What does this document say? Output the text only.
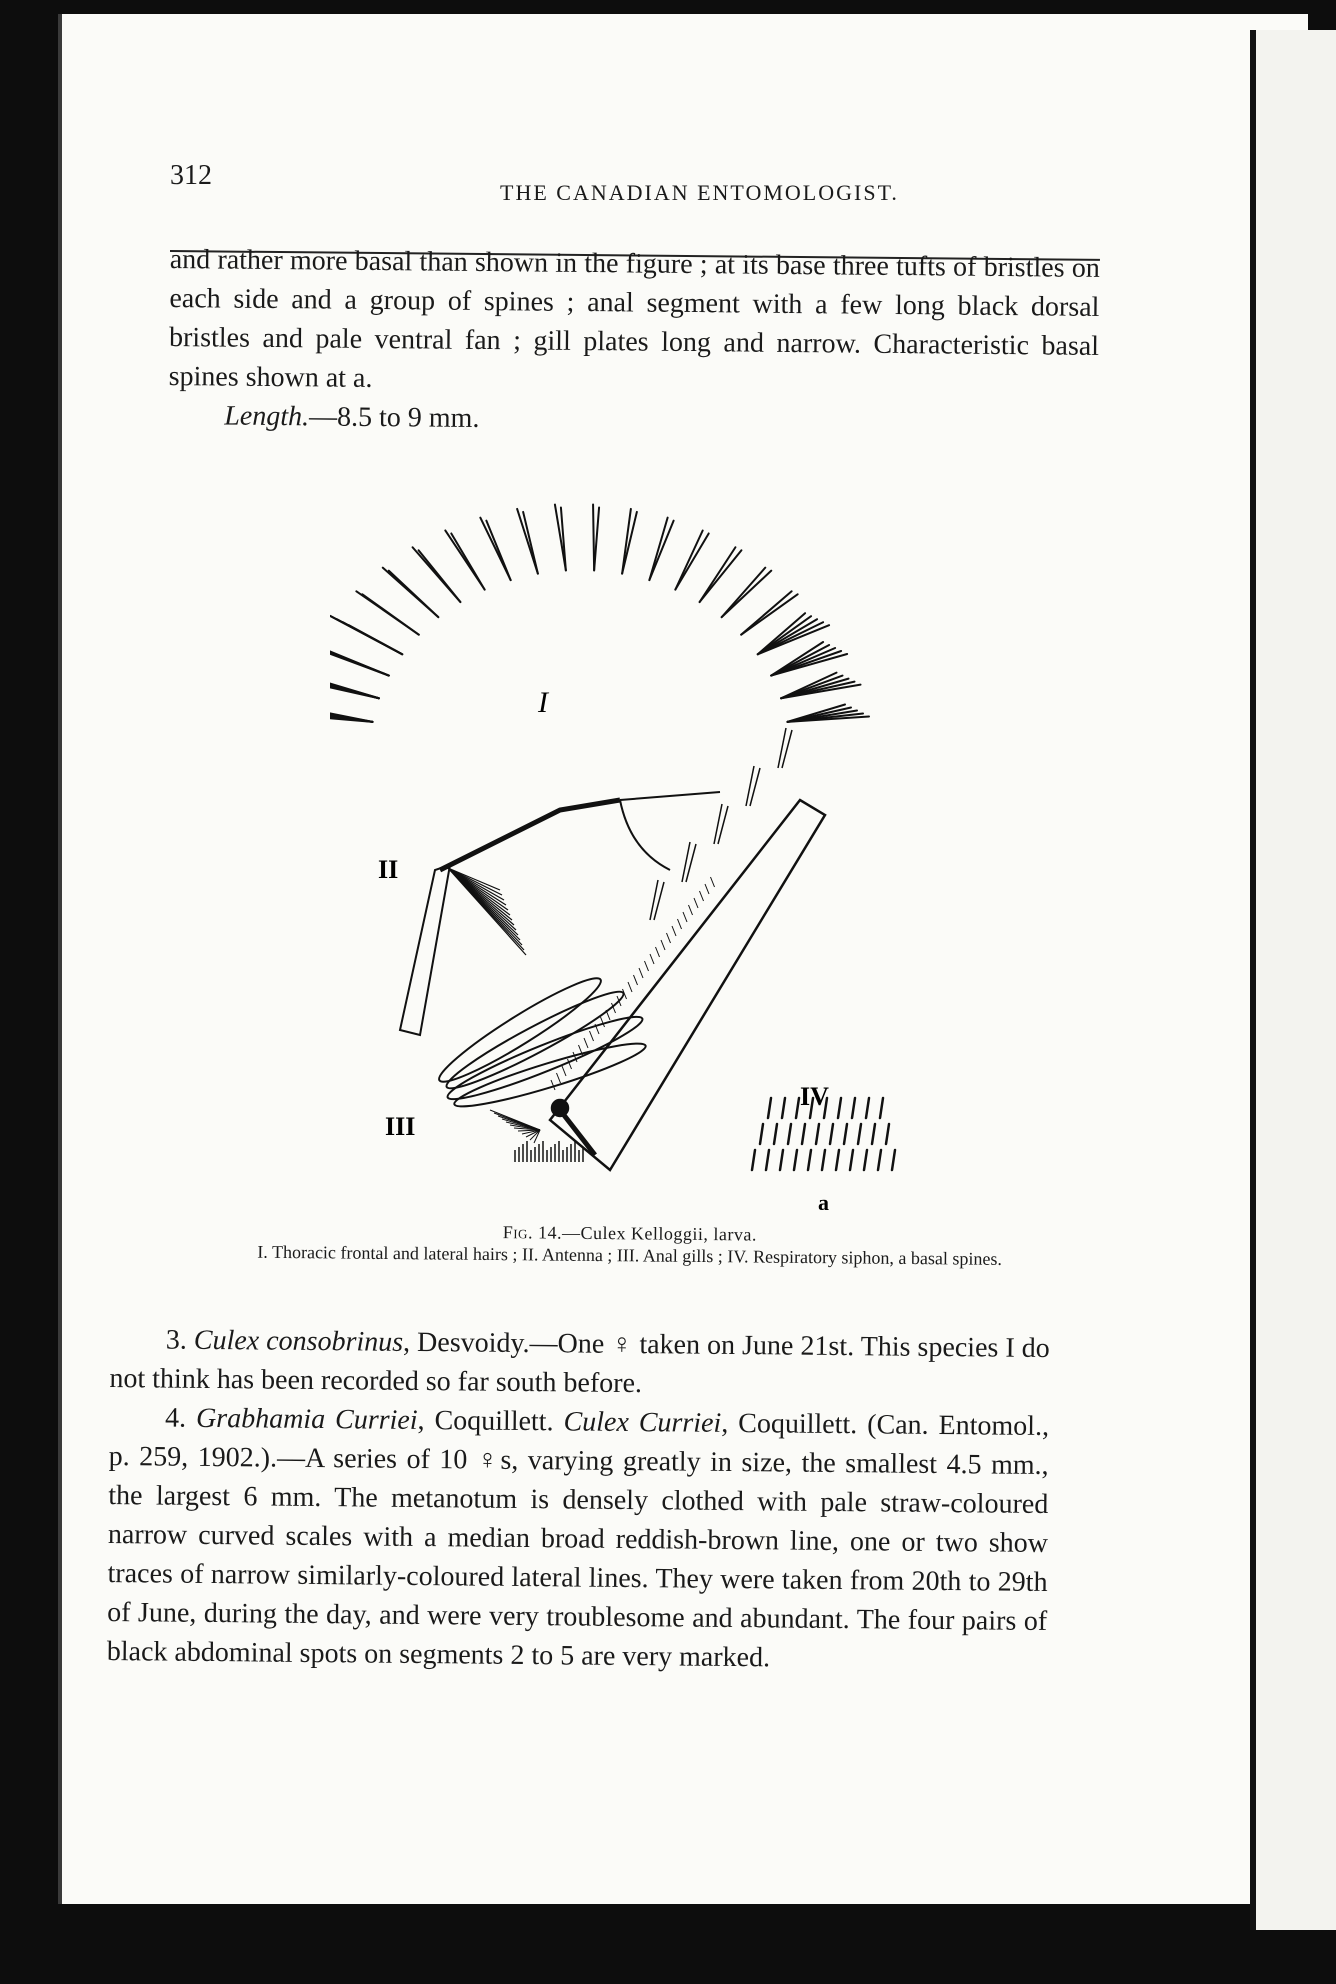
312
THE CANADIAN ENTOMOLOGIST.

and rather more basal than shown in the figure ; at its base three tufts of bristles on each side and a group of spines ; anal segment with a few long black dorsal bristles and pale ventral fan ; gill plates long and narrow. Characteristic basal spines shown at a.

Length.—8.5 to 9 mm.

I
II
III
IV
a
Fig. 14.—Culex Kelloggii, larva.
I. Thoracic frontal and lateral hairs ; II. Antenna ; III. Anal gills ; IV. Respiratory siphon, a basal spines.

3. Culex consobrinus, Desvoidy.—One ♀ taken on June 21st. This species I do not think has been recorded so far south before.

4. Grabhamia Curriei, Coquillett. Culex Curriei, Coquillett. (Can. Entomol., p. 259, 1902.).—A series of 10 ♀s, varying greatly in size, the smallest 4.5 mm., the largest 6 mm. The metanotum is densely clothed with pale straw-coloured narrow curved scales with a median broad reddish-brown line, one or two show traces of narrow similarly-coloured lateral lines. They were taken from 20th to 29th of June, during the day, and were very troublesome and abundant. The four pairs of black abdominal spots on segments 2 to 5 are very marked.
